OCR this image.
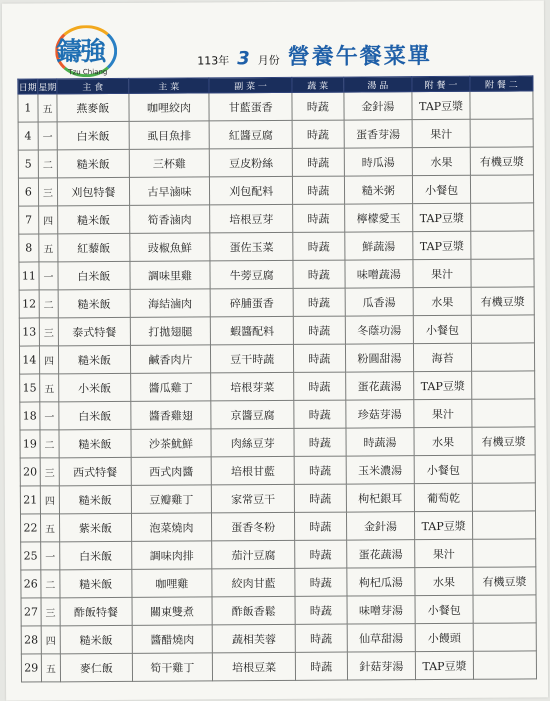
鑄強
Tzu Chiang
113年 3 月份 營養午餐菜單
日期	星期	主 食	主 菜	副 菜 一	蔬 菜	湯 品	附 餐 一	附 餐 二
1	五	燕麥飯	咖哩絞肉	甘藍蛋香	時蔬	金針湯	TAP豆漿	
4	一	白米飯	虱目魚排	紅醬豆腐	時蔬	蛋香芽湯	果汁	
5	二	糙米飯	三杯雞	豆皮粉絲	時蔬	時瓜湯	水果	有機豆漿
6	三	刈包特餐	古早滷味	刈包配料	時蔬	糙米粥	小餐包	
7	四	糙米飯	筍香滷肉	培根豆芽	時蔬	檸檬愛玉	TAP豆漿	
8	五	紅藜飯	豉椒魚鮮	蛋佐玉菜	時蔬	鮮蔬湯	TAP豆漿	
11	一	白米飯	調味里雞	牛蒡豆腐	時蔬	味噌蔬湯	果汁	
12	二	糙米飯	海結滷肉	碎脯蛋香	時蔬	瓜香湯	水果	有機豆漿
13	三	泰式特餐	打拋翅腿	蝦醬配料	時蔬	冬蔭功湯	小餐包	
14	四	糙米飯	鹹香肉片	豆干時蔬	時蔬	粉圓甜湯	海苔	
15	五	小米飯	醬瓜雞丁	培根芽菜	時蔬	蛋花蔬湯	TAP豆漿	
18	一	白米飯	醬香雞翅	京醬豆腐	時蔬	珍菇芽湯	果汁	
19	二	糙米飯	沙茶魷鮮	肉絲豆芽	時蔬	時蔬湯	水果	有機豆漿
20	三	西式特餐	西式肉醬	培根甘藍	時蔬	玉米濃湯	小餐包	
21	四	糙米飯	豆瓣雞丁	家常豆干	時蔬	枸杞銀耳	葡萄乾	
22	五	紫米飯	泡菜燒肉	蛋香冬粉	時蔬	金針湯	TAP豆漿	
25	一	白米飯	調味肉排	茄汁豆腐	時蔬	蛋花蔬湯	果汁	
26	二	糙米飯	咖哩雞	絞肉甘藍	時蔬	枸杞瓜湯	水果	有機豆漿
27	三	酢飯特餐	關東雙煮	酢飯香鬆	時蔬	味噌芽湯	小餐包	
28	四	糙米飯	醬醋燒肉	蔬相芙蓉	時蔬	仙草甜湯	小饅頭	
29	五	麥仁飯	筍干雞丁	培根豆菜	時蔬	針菇芽湯	TAP豆漿	
